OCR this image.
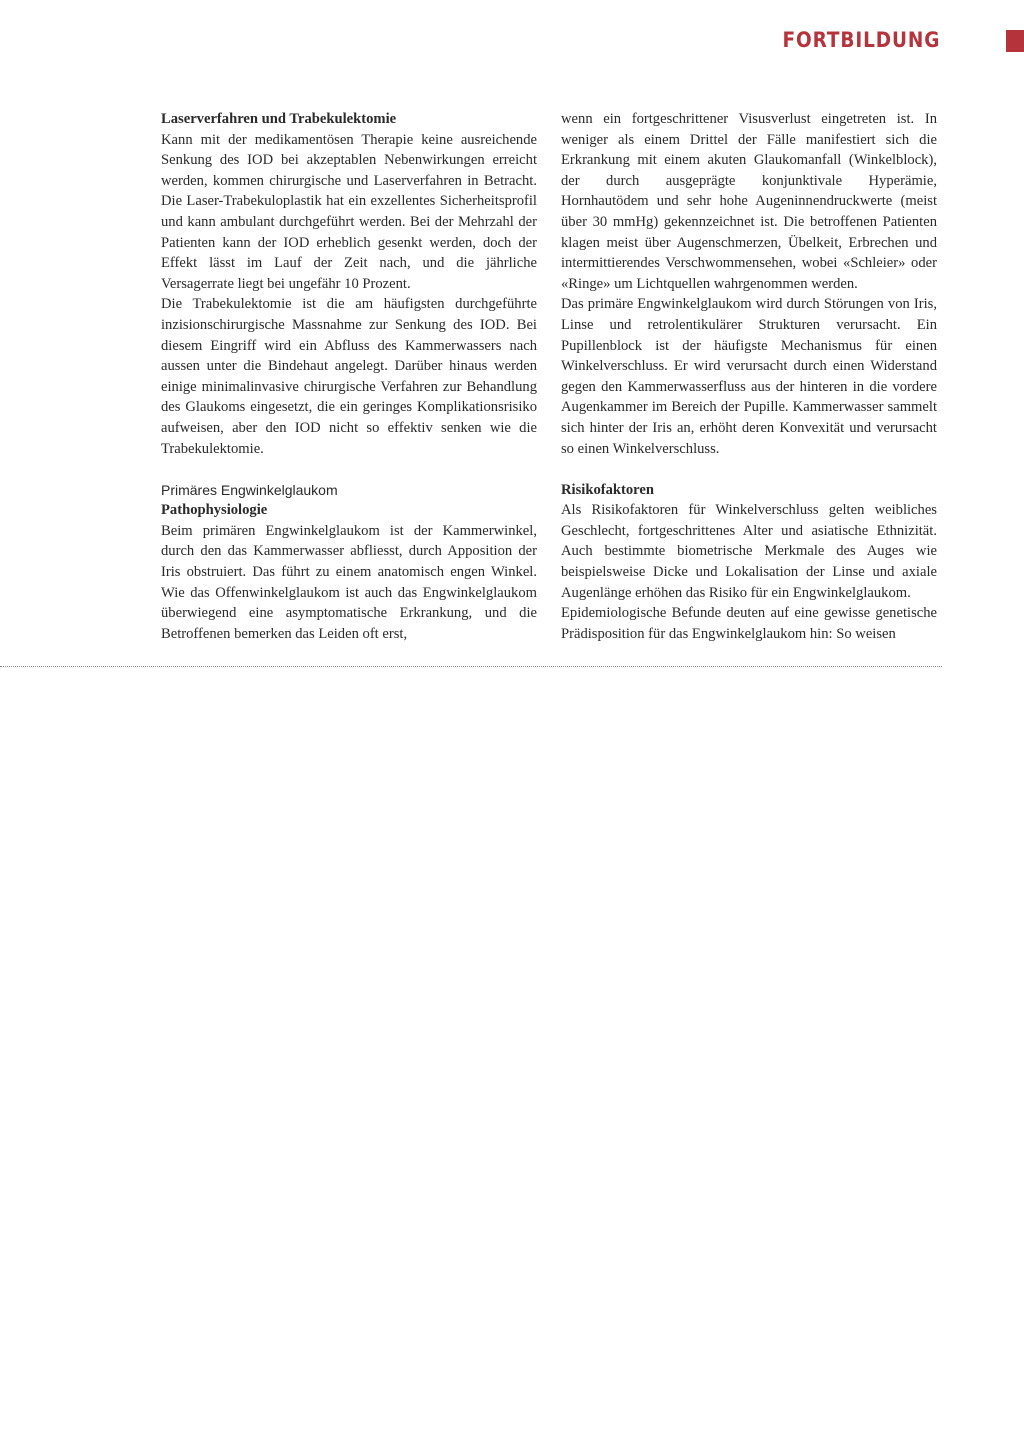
FORTBILDUNG
Laserverfahren und Trabekulektomie

Kann mit der medikamentösen Therapie keine ausreichende Senkung des IOD bei akzeptablen Nebenwirkungen erreicht werden, kommen chirurgische und Laserverfahren in Betracht. Die Laser-Trabekuloplastik hat ein exzellentes Sicherheitsprofil und kann ambulant durchgeführt werden. Bei der Mehrzahl der Patienten kann der IOD erheblich gesenkt werden, doch der Effekt lässt im Lauf der Zeit nach, und die jährliche Versagerrate liegt bei ungefähr 10 Prozent.

Die Trabekulektomie ist die am häufigsten durchgeführte inzisionschirurgische Massnahme zur Senkung des IOD. Bei diesem Eingriff wird ein Abfluss des Kammerwassers nach aussen unter die Bindehaut angelegt. Darüber hinaus werden einige minimalinvasive chirurgische Verfahren zur Behandlung des Glaukoms eingesetzt, die ein geringes Komplikationsrisiko aufweisen, aber den IOD nicht so effektiv senken wie die Trabekulektomie.

Primäres Engwinkelglaukom
Pathophysiologie

Beim primären Engwinkelglaukom ist der Kammerwinkel, durch den das Kammerwasser abfliesst, durch Apposition der Iris obstruiert. Das führt zu einem anatomisch engen Winkel. Wie das Offenwinkelglaukom ist auch das Engwinkelglaukom überwiegend eine asymptomatische Erkrankung, und die Betroffenen bemerken das Leiden oft erst,

wenn ein fortgeschrittener Visusverlust eingetreten ist. In weniger als einem Drittel der Fälle manifestiert sich die Erkrankung mit einem akuten Glaukomanfall (Winkelblock), der durch ausgeprägte konjunktivale Hyperämie, Hornhautödem und sehr hohe Augeninnendruckwerte (meist über 30 mmHg) gekennzeichnet ist. Die betroffenen Patienten klagen meist über Augenschmerzen, Übelkeit, Erbrechen und intermittierendes Verschwommensehen, wobei «Schleier» oder «Ringe» um Lichtquellen wahrgenommen werden.

Das primäre Engwinkelglaukom wird durch Störungen von Iris, Linse und retrolentikulärer Strukturen verursacht. Ein Pupillenblock ist der häufigste Mechanismus für einen Winkelverschluss. Er wird verursacht durch einen Widerstand gegen den Kammerwasserfluss aus der hinteren in die vordere Augenkammer im Bereich der Pupille. Kammerwasser sammelt sich hinter der Iris an, erhöht deren Konvexität und verursacht so einen Winkelverschluss.

Risikofaktoren

Als Risikofaktoren für Winkelverschluss gelten weibliches Geschlecht, fortgeschrittenes Alter und asiatische Ethnizität. Auch bestimmte biometrische Merkmale des Auges wie beispielsweise Dicke und Lokalisation der Linse und axiale Augenlänge erhöhen das Risiko für ein Engwinkelglaukom.

Epidemiologische Befunde deuten auf eine gewisse genetische Prädisposition für das Engwinkelglaukom hin: So weisen
